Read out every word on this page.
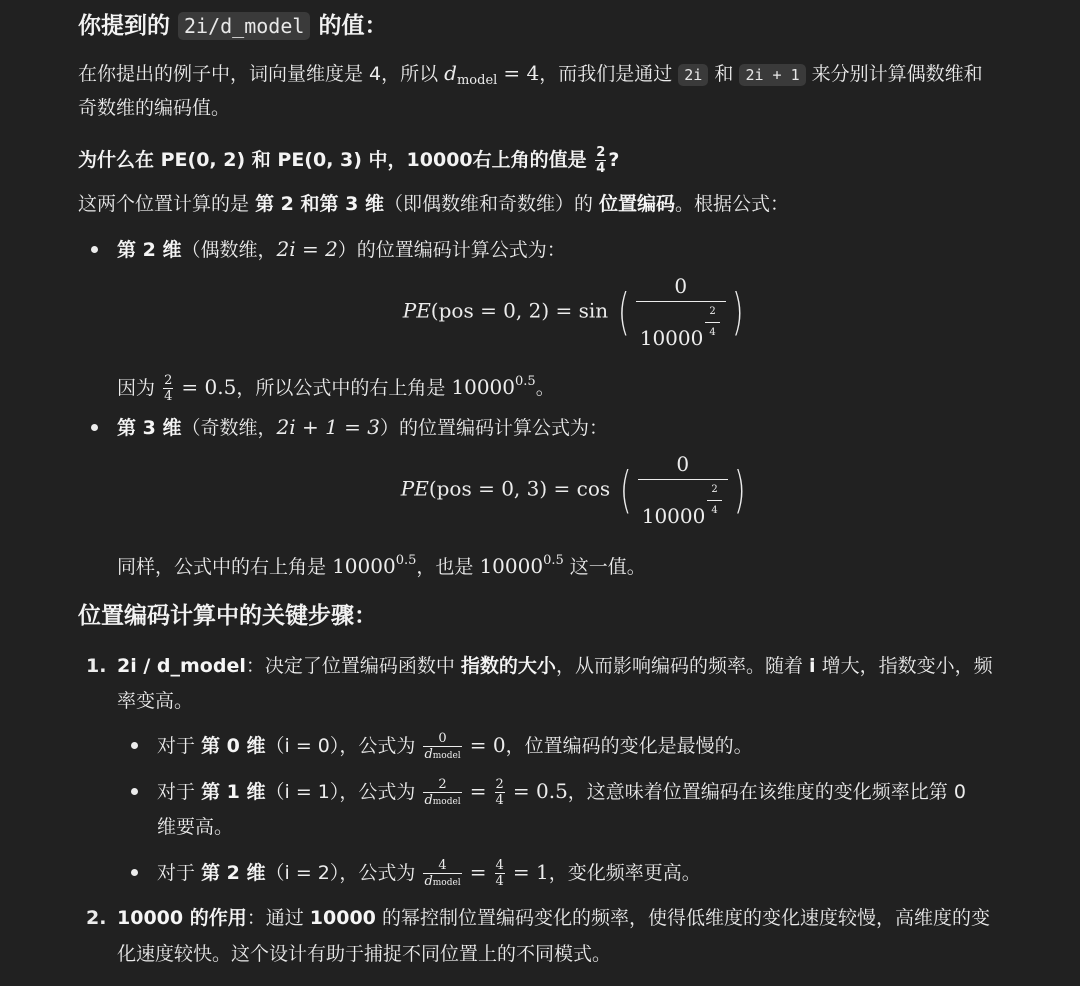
你提到的 2i/d_model 的值：
在你提出的例子中，词向量维度是 4，所以 $d_{model} = 4$，而我们是通过 2i 和 2i + 1 来分别计算偶数维和
奇数维的编码值。
为什么在 PE(0, 2) 和 PE(0, 3) 中，10000右上角的值是 $\frac{2}{4}$ ?
这两个位置计算的是 第 2 和第 3 维（即偶数维和奇数维）的 位置编码。根据公式：
第 2 维（偶数维，2i = 2）的位置编码计算公式为：
PE(pos = 0, 2) = sin ( $\frac{0}{10000 \frac{2}{4}}$ )
因为 $\frac{2}{4} = 0.5$，所以公式中的右上角是 $10000^{0.5}$。
第 3 维（奇数维，2i + 1 = 3）的位置编码计算公式为：
PE(pos = 0, 3) = cos ( $\frac{0}{10000 \frac{2}{4}}$ )
同样，公式中的右上角是 $10000^{0.5}$，也是 $10000^{0.5}$ 这一值。
位置编码计算中的关键步骤：
1. 2i / d_model：决定了位置编码函数中 指数的大小，从而影响编码的频率。随着 i 增大，指数变小，频
率变高。
对于 第 0 维（i = 0），公式为 $\frac{0}{\text{dmodel}} = 0$，位置编码的变化是最慢的。
对于 第 1 维（i = 1），公式为 $\frac{2}{\text{dmodel}} = \frac{2}{4} = 0.5$，这意味着位置编码在该维度的变化频率比第 0
维要高。
对于 第 2 维（i = 2），公式为 $\frac{4}{\text{dmodel}} = \frac{4}{4} = 1$，变化频率更高。
2. 10000 的作用：通过 10000 的幂控制位置编码变化的频率，使得低维度的变化速度较慢，高维度的变
化速度较快。这个设计有助于捕捉不同位置上的不同模式。
